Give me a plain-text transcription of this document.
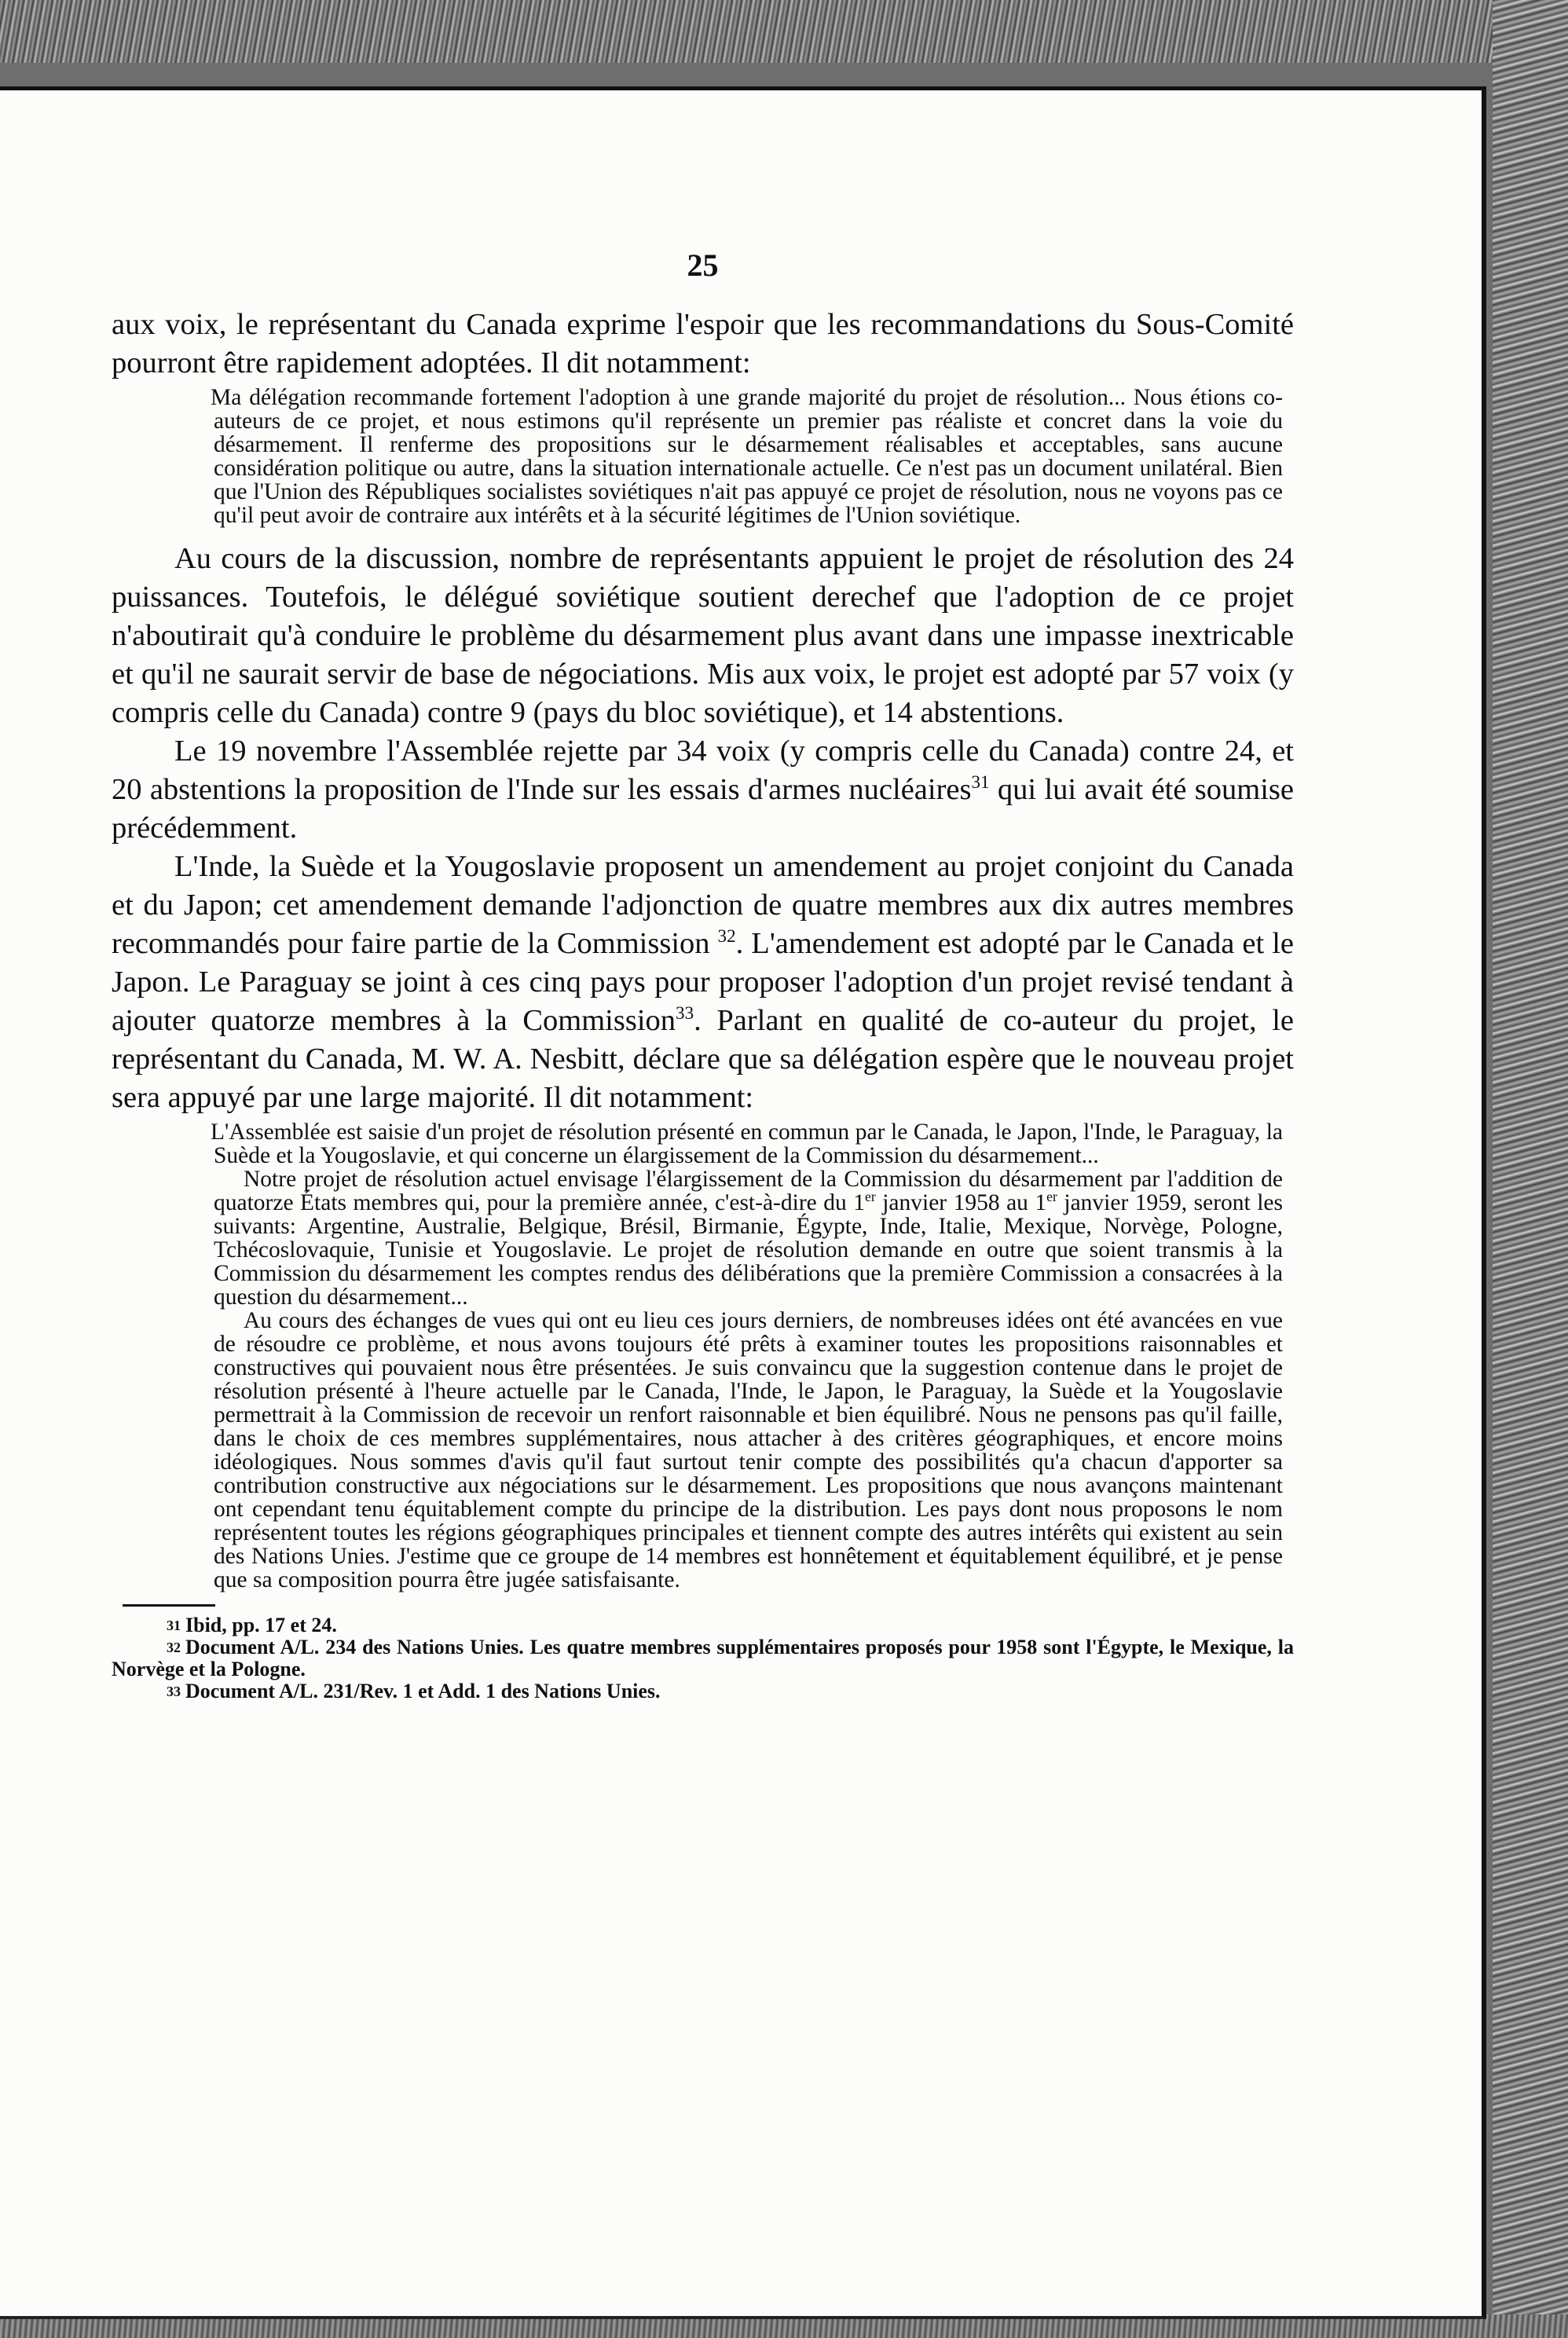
25

aux voix, le représentant du Canada exprime l'espoir que les recommandations du Sous-Comité pourront être rapidement adoptées. Il dit notamment:

Ma délégation recommande fortement l'adoption à une grande majorité du projet de résolution... Nous étions co-auteurs de ce projet, et nous estimons qu'il représente un premier pas réaliste et concret dans la voie du désarmement. Il renferme des propositions sur le désarmement réalisables et acceptables, sans aucune considération politique ou autre, dans la situation internationale actuelle. Ce n'est pas un document unilatéral. Bien que l'Union des Républiques socialistes soviétiques n'ait pas appuyé ce projet de résolution, nous ne voyons pas ce qu'il peut avoir de contraire aux intérêts et à la sécurité légitimes de l'Union soviétique.

Au cours de la discussion, nombre de représentants appuient le projet de résolution des 24 puissances. Toutefois, le délégué soviétique soutient derechef que l'adoption de ce projet n'aboutirait qu'à conduire le problème du désarmement plus avant dans une impasse inextricable et qu'il ne saurait servir de base de négociations. Mis aux voix, le projet est adopté par 57 voix (y compris celle du Canada) contre 9 (pays du bloc soviétique), et 14 abstentions.

Le 19 novembre l'Assemblée rejette par 34 voix (y compris celle du Canada) contre 24, et 20 abstentions la proposition de l'Inde sur les essais d'armes nucléaires$^{31}$ qui lui avait été soumise précédemment.

L'Inde, la Suède et la Yougoslavie proposent un amendement au projet conjoint du Canada et du Japon; cet amendement demande l'adjonction de quatre membres aux dix autres membres recommandés pour faire partie de la Commission $^{32}$. L'amendement est adopté par le Canada et le Japon. Le Paraguay se joint à ces cinq pays pour proposer l'adoption d'un projet revisé tendant à ajouter quatorze membres à la Commission$^{33}$. Parlant en qualité de co-auteur du projet, le représentant du Canada, M. W. A. Nesbitt, déclare que sa délégation espère que le nouveau projet sera appuyé par une large majorité. Il dit notamment:

L'Assemblée est saisie d'un projet de résolution présenté en commun par le Canada, le Japon, l'Inde, le Paraguay, la Suède et la Yougoslavie, et qui concerne un élargissement de la Commission du désarmement...

Notre projet de résolution actuel envisage l'élargissement de la Commission du désarmement par l'addition de quatorze États membres qui, pour la première année, c'est-à-dire du 1er janvier 1958 au 1er janvier 1959, seront les suivants: Argentine, Australie, Belgique, Brésil, Birmanie, Égypte, Inde, Italie, Mexique, Norvège, Pologne, Tchécoslovaquie, Tunisie et Yougoslavie. Le projet de résolution demande en outre que soient transmis à la Commission du désarmement les comptes rendus des délibérations que la première Commission a consacrées à la question du désarmement...

Au cours des échanges de vues qui ont eu lieu ces jours derniers, de nombreuses idées ont été avancées en vue de résoudre ce problème, et nous avons toujours été prêts à examiner toutes les propositions raisonnables et constructives qui pouvaient nous être présentées. Je suis convaincu que la suggestion contenue dans le projet de résolution présenté à l'heure actuelle par le Canada, l'Inde, le Japon, le Paraguay, la Suède et la Yougoslavie permettrait à la Commission de recevoir un renfort raisonnable et bien équilibré. Nous ne pensons pas qu'il faille, dans le choix de ces membres supplémentaires, nous attacher à des critères géographiques, et encore moins idéologiques. Nous sommes d'avis qu'il faut surtout tenir compte des possibilités qu'a chacun d'apporter sa contribution constructive aux négociations sur le désarmement. Les propositions que nous avançons maintenant ont cependant tenu équitablement compte du principe de la distribution. Les pays dont nous proposons le nom représentent toutes les régions géographiques principales et tiennent compte des autres intérêts qui existent au sein des Nations Unies. J'estime que ce groupe de 14 membres est honnêtement et équitablement équilibré, et je pense que sa composition pourra être jugée satisfaisante.

$^{31}$ Ibid, pp. 17 et 24.

$^{32}$ Document A/L. 234 des Nations Unies. Les quatre membres supplémentaires proposés pour 1958 sont l'Égypte, le Mexique, la Norvège et la Pologne.

$^{33}$ Document A/L. 231/Rev. 1 et Add. 1 des Nations Unies.
